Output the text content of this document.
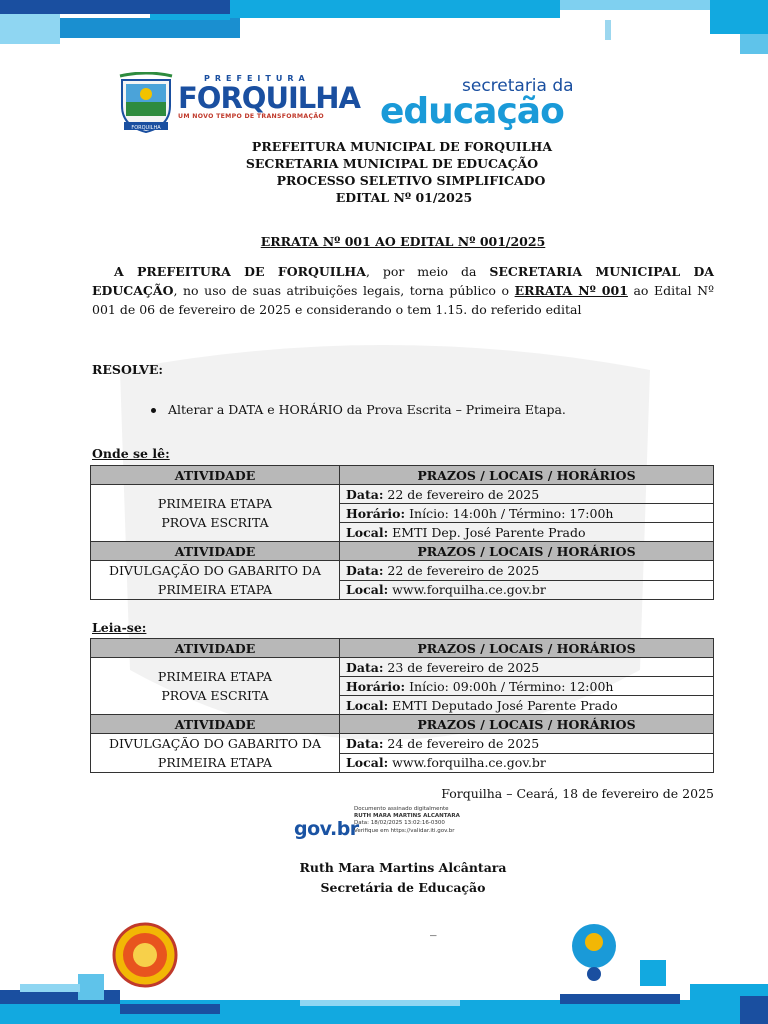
FORQUILHA
PREFEITURA
FORQUILHA
UM NOVO TEMPO DE TRANSFORMAÇÃO
secretaria da
educação
PREFEITURA MUNICIPAL DE FORQUILHA
SECRETARIA MUNICIPAL DE EDUCAÇÃO
PROCESSO SELETIVO SIMPLIFICADO
EDITAL Nº 01/2025
ERRATA Nº 001 AO EDITAL Nº 001/2025
A PREFEITURA DE FORQUILHA, por meio da SECRETARIA MUNICIPAL DA EDUCAÇÃO, no uso de suas atribuições legais, torna público o ERRATA Nº 001 ao Edital Nº 001 de 06 de fevereiro de 2025 e considerando o tem 1.15. do referido edital
RESOLVE:
Alterar a DATA e HORÁRIO da Prova Escrita – Primeira Etapa.
Onde se lê:
ATIVIDADE	PRAZOS / LOCAIS / HORÁRIOS

PRIMEIRA ETAPA
PROVA ESCRITA	Data: 22 de fevereiro de 2025
	Horário: Início: 14:00h / Término: 17:00h
	Local: EMTI Dep. José Parente Prado
ATIVIDADE	PRAZOS / LOCAIS / HORÁRIOS

DIVULGAÇÃO DO GABARITO DA
PRIMEIRA ETAPA	Data: 22 de fevereiro de 2025
	Local: www.forquilha.ce.gov.br
Leia-se:
ATIVIDADE	PRAZOS / LOCAIS / HORÁRIOS

PRIMEIRA ETAPA
PROVA ESCRITA	Data: 23 de fevereiro de 2025
	Horário: Início: 09:00h / Término: 12:00h
	Local: EMTI Deputado José Parente Prado
ATIVIDADE	PRAZOS / LOCAIS / HORÁRIOS

DIVULGAÇÃO DO GABARITO DA
PRIMEIRA ETAPA	Data: 24 de fevereiro de 2025
	Local: www.forquilha.ce.gov.br
Forquilha – Ceará, 18 de fevereiro de 2025
gov.br
Documento assinado digitalmente
RUTH MARA MARTINS ALCANTARA
Data: 18/02/2025 13:02:16-0300
Verifique em https://validar.iti.gov.br
Ruth Mara Martins Alcântara
Secretária de Educação
_
